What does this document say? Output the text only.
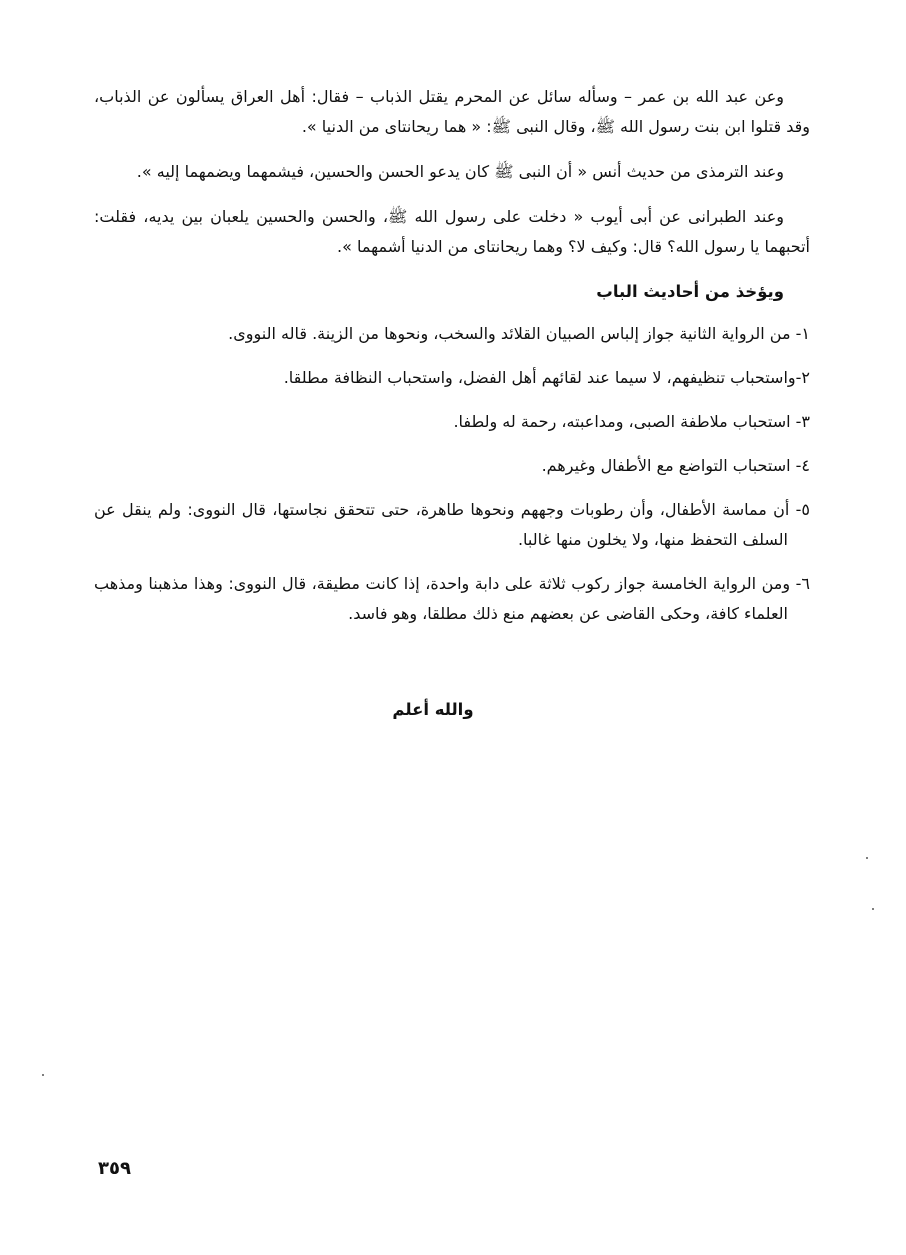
وعن عبد الله بن عمر – وسأله سائل عن المحرم يقتل الذباب – فقال: أهل العراق يسألون عن الذباب، وقد قتلوا ابن بنت رسول الله ﷺ، وقال النبى ﷺ: « هما ريحانتاى من الدنيا ».

وعند الترمذى من حديث أنس « أن النبى ﷺ كان يدعو الحسن والحسين، فيشمهما ويضمهما إليه ».

وعند الطبرانى عن أبى أيوب « دخلت على رسول الله ﷺ، والحسن والحسين يلعبان بين يديه، فقلت: أتحبهما يا رسول الله؟ قال: وكيف لا؟ وهما ريحانتاى من الدنيا أشمهما ».

ويؤخذ من أحاديث الباب
١- من الرواية الثانية جواز إلباس الصبيان القلائد والسخب، ونحوها من الزينة. قاله النووى.
٢-واستحباب تنظيفهم، لا سيما عند لقائهم أهل الفضل، واستحباب النظافة مطلقا.
٣- استحباب ملاطفة الصبى، ومداعبته، رحمة له ولطفا.
٤- استحباب التواضع مع الأطفال وغيرهم.
٥- أن مماسة الأطفال، وأن رطوبات وجههم ونحوها طاهرة، حتى تتحقق نجاستها، قال النووى: ولم ينقل عن السلف التحفظ منها، ولا يخلون منها غالبا.
٦- ومن الرواية الخامسة جواز ركوب ثلاثة على دابة واحدة، إذا كانت مطيقة، قال النووى: وهذا مذهبنا ومذهب العلماء كافة، وحكى القاضى عن بعضهم منع ذلك مطلقا، وهو فاسد.
والله أعلم
٣٥٩
